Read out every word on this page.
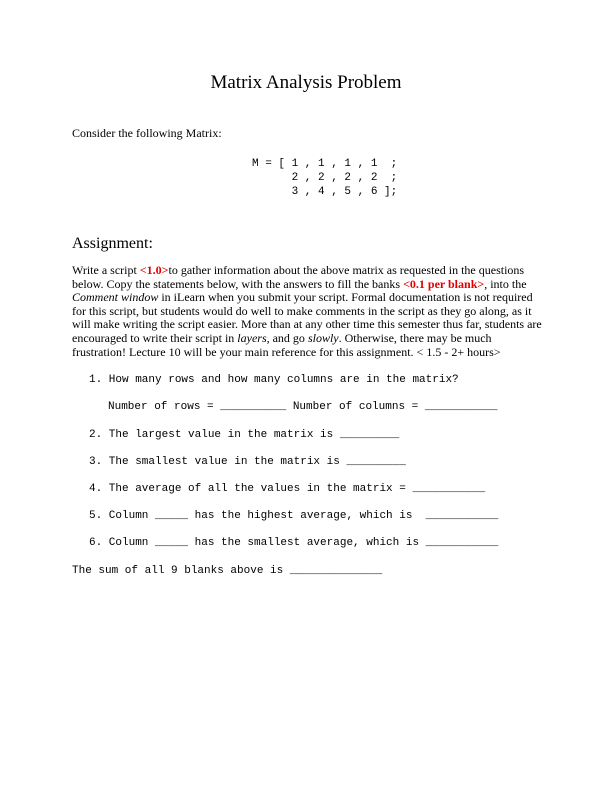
Matrix Analysis Problem
Consider the following Matrix:
M = [ 1 , 1 , 1 , 1  ;
2 , 2 , 2 , 2  ;
3 , 4 , 5 , 6 ];
Assignment:
Write a script <1.0>to gather information about the above matrix as requested in the questions below. Copy the statements below, with the answers to fill the banks <0.1 per blank>, into the Comment window in iLearn when you submit your script. Formal documentation is not required for this script, but students would do well to make comments in the script as they go along, as it will make writing the script easier. More than at any other time this semester thus far, students are encouraged to write their script in layers, and go slowly. Otherwise, there may be much frustration! Lecture 10 will be your main reference for this assignment. < 1.5 - 2+ hours>
1. How many rows and how many columns are in the matrix?
Number of rows = __________ Number of columns = ___________
2. The largest value in the matrix is _________
3. The smallest value in the matrix is _________
4. The average of all the values in the matrix = ___________
5. Column _____ has the highest average, which is  ___________
6. Column _____ has the smallest average, which is ___________
The sum of all 9 blanks above is ______________
